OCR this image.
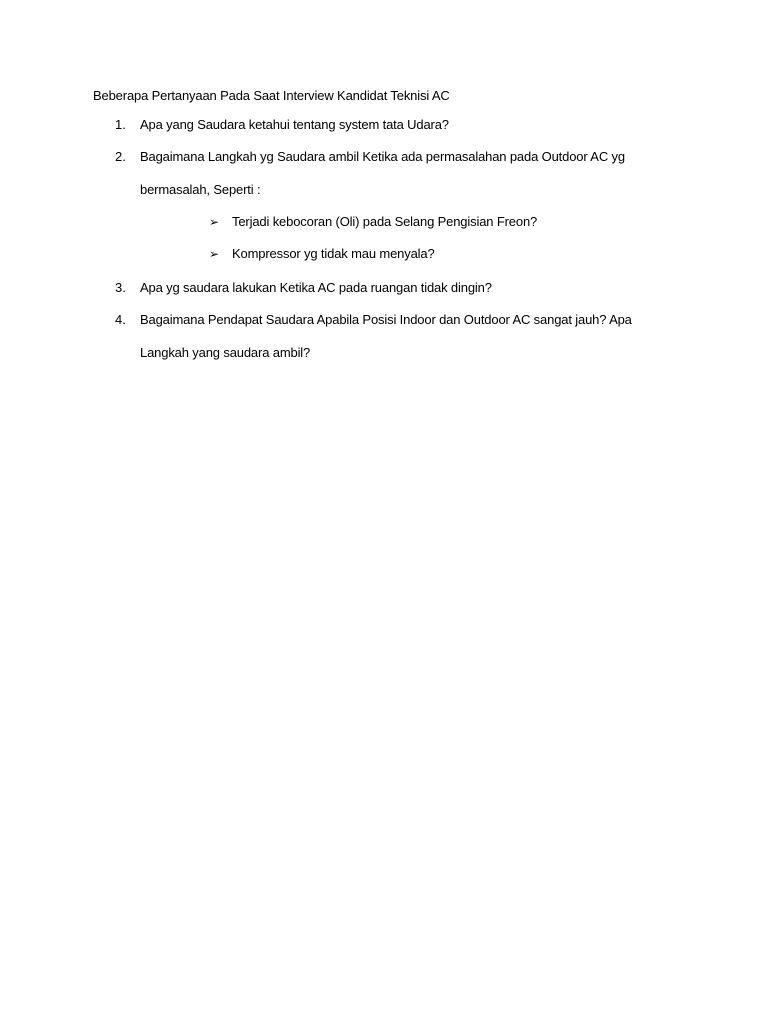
Beberapa Pertanyaan Pada Saat Interview Kandidat Teknisi AC
1. Apa yang Saudara ketahui tentang system tata Udara?
2. Bagaimana Langkah yg Saudara ambil Ketika ada permasalahan pada Outdoor AC yg
bermasalah, Seperti :
➢ Terjadi kebocoran (Oli) pada Selang Pengisian Freon?
➢ Kompressor yg tidak mau menyala?
3. Apa yg saudara lakukan Ketika AC pada ruangan tidak dingin?
4. Bagaimana Pendapat Saudara Apabila Posisi Indoor dan Outdoor AC sangat jauh? Apa
Langkah yang saudara ambil?
